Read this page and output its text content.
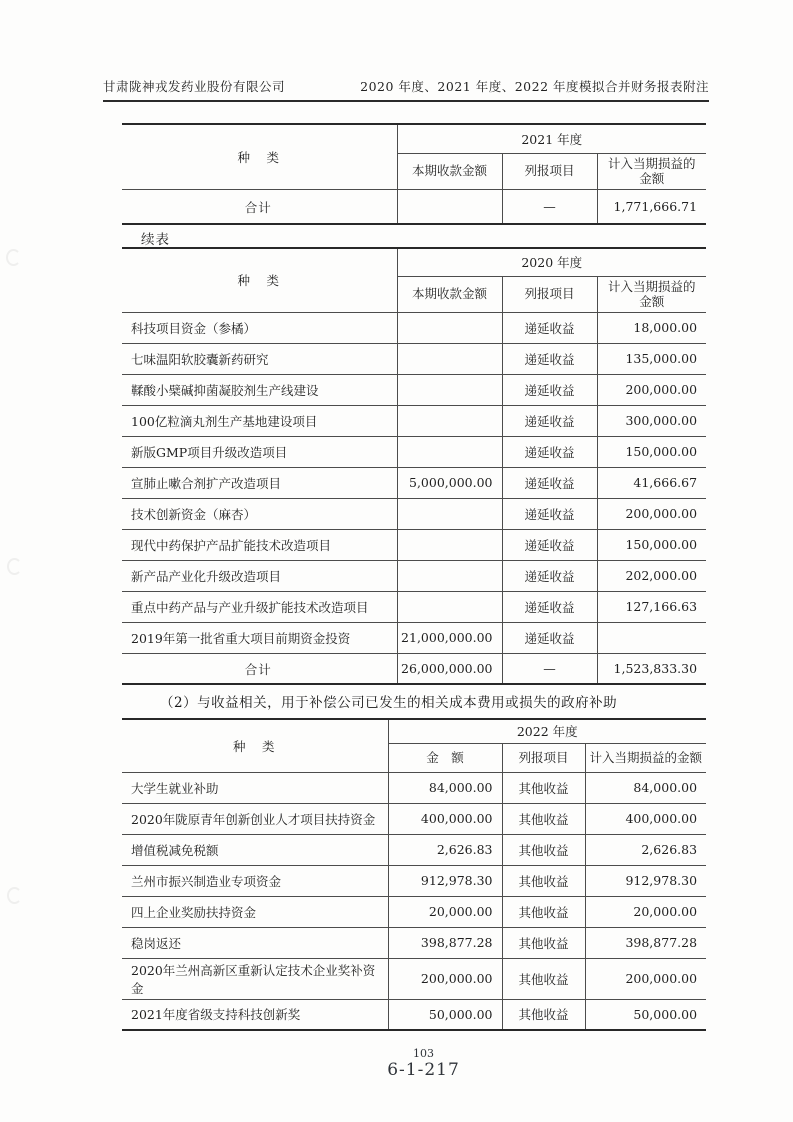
甘肃陇神戎发药业股份有限公司	2020 年度、2021 年度、2022 年度模拟合并财务报表附注
种　类	2021 年度		
	本期收款金额	列报项目	计入当期损益的金额
合计		—	1,771,666.71
续表
种　类	2020 年度		
	本期收款金额	列报项目	计入当期损益的金额
科技项目资金（参橘）		递延收益	18,000.00
七味温阳软胶囊新药研究		递延收益	135,000.00
鞣酸小檗碱抑菌凝胶剂生产线建设		递延收益	200,000.00
100亿粒滴丸剂生产基地建设项目		递延收益	300,000.00
新版GMP项目升级改造项目		递延收益	150,000.00
宣肺止嗽合剂扩产改造项目	5,000,000.00	递延收益	41,666.67
技术创新资金（麻杏）		递延收益	200,000.00
现代中药保护产品扩能技术改造项目		递延收益	150,000.00
新产品产业化升级改造项目		递延收益	202,000.00
重点中药产品与产业升级扩能技术改造项目		递延收益	127,166.63
2019年第一批省重大项目前期资金投资	21,000,000.00	递延收益	
合计	26,000,000.00	—	1,523,833.30
（2）与收益相关，用于补偿公司已发生的相关成本费用或损失的政府补助
种　类	2022 年度		
	金　额	列报项目	计入当期损益的金额
大学生就业补助	84,000.00	其他收益	84,000.00
2020年陇原青年创新创业人才项目扶持资金	400,000.00	其他收益	400,000.00
增值税减免税额	2,626.83	其他收益	2,626.83
兰州市振兴制造业专项资金	912,978.30	其他收益	912,978.30
四上企业奖励扶持资金	20,000.00	其他收益	20,000.00
稳岗返还	398,877.28	其他收益	398,877.28
2020年兰州高新区重新认定技术企业奖补资金	200,000.00	其他收益	200,000.00
2021年度省级支持科技创新奖	50,000.00	其他收益	50,000.00
103
6-1-217
